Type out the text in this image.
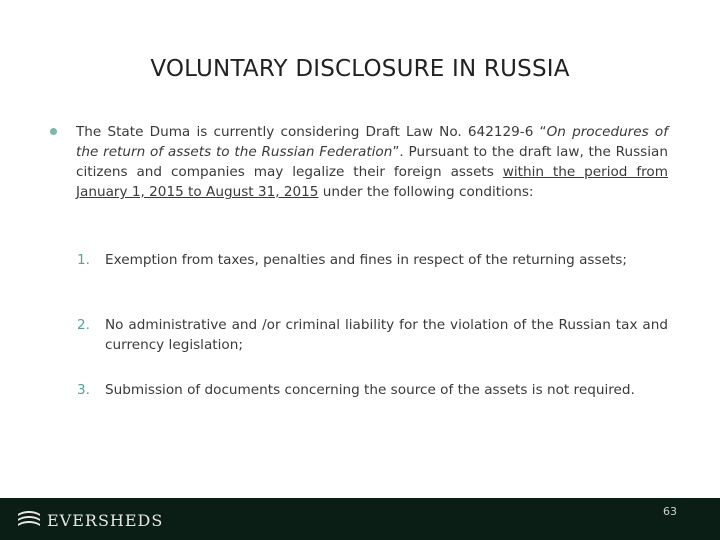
VOLUNTARY DISCLOSURE IN RUSSIA
The State Duma is currently considering Draft Law No. 642129-6 “On procedures of the return of assets to the Russian Federation”. Pursuant to the draft law, the Russian citizens and companies may legalize their foreign assets within the period from January 1, 2015 to August 31, 2015 under the following conditions:
1.	Exemption from taxes, penalties and fines in respect of the returning assets;
2.	No administrative and /or criminal liability for the violation of the Russian tax and currency legislation;
3.	Submission of documents concerning the source of the assets is not required.
EVERSHEDS	63
